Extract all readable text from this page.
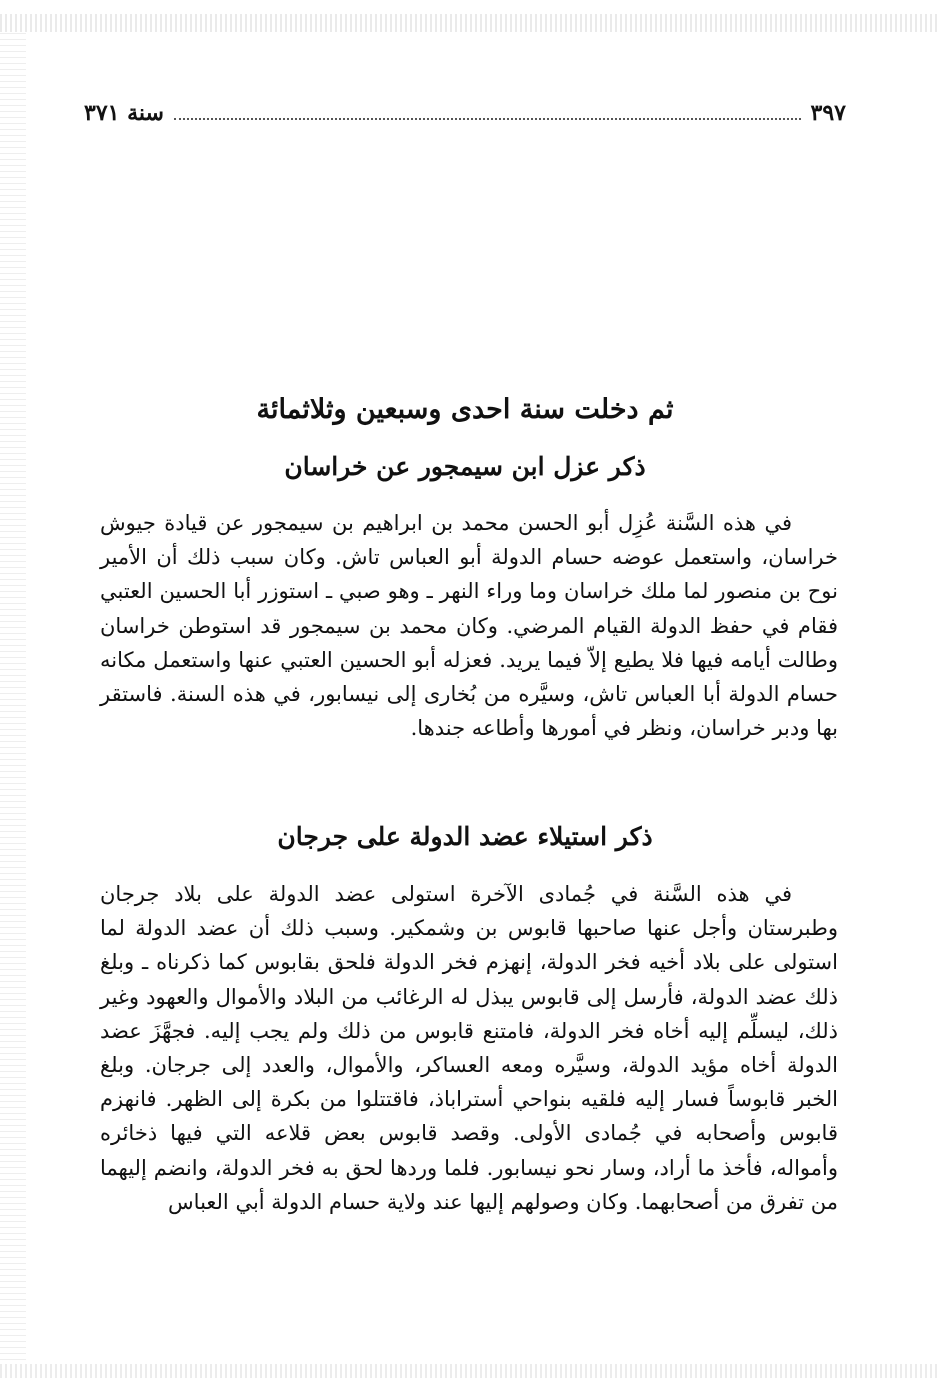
سنة ٣٧١	٣٩٧
ثم دخلت سنة احدى وسبعين وثلاثمائة
ذكر عزل ابن سيمجور عن خراسان

في هذه السَّنة عُزِل أبو الحسن محمد بن ابراهيم بن سيمجور عن قيادة جيوش خراسان، واستعمل عوضه حسام الدولة أبو العباس تاش. وكان سبب ذلك أن الأمير نوح بن منصور لما ملك خراسان وما وراء النهر ـ وهو صبي ـ استوزر أبا الحسين العتبي فقام في حفظ الدولة القيام المرضي. وكان محمد بن سيمجور قد استوطن خراسان وطالت أيامه فيها فلا يطيع إلاّ فيما يريد. فعزله أبو الحسين العتبي عنها واستعمل مكانه حسام الدولة أبا العباس تاش، وسيَّره من بُخارى إلى نيسابور، في هذه السنة. فاستقر بها ودبر خراسان، ونظر في أمورها وأطاعه جندها.

ذكر استيلاء عضد الدولة على جرجان

في هذه السَّنة في جُمادى الآخرة استولى عضد الدولة على بلاد جرجان وطبرستان وأجل عنها صاحبها قابوس بن وشمكير. وسبب ذلك أن عضد الدولة لما استولى على بلاد أخيه فخر الدولة، إنهزم فخر الدولة فلحق بقابوس كما ذكرناه ـ وبلغ ذلك عضد الدولة، فأرسل إلى قابوس يبذل له الرغائب من البلاد والأموال والعهود وغير ذلك، ليسلِّم إليه أخاه فخر الدولة، فامتنع قابوس من ذلك ولم يجب إليه. فجهَّزَ عضد الدولة أخاه مؤيد الدولة، وسيَّره ومعه العساكر، والأموال، والعدد إلى جرجان. وبلغ الخبر قابوساً فسار إليه فلقيه بنواحي أستراباذ، فاقتتلوا من بكرة إلى الظهر. فانهزم قابوس وأصحابه في جُمادى الأولى. وقصد قابوس بعض قلاعه التي فيها ذخائره وأمواله، فأخذ ما أراد، وسار نحو نيسابور. فلما وردها لحق به فخر الدولة، وانضم إليهما من تفرق من أصحابهما. وكان وصولهم إليها عند ولاية حسام الدولة أبي العباس
